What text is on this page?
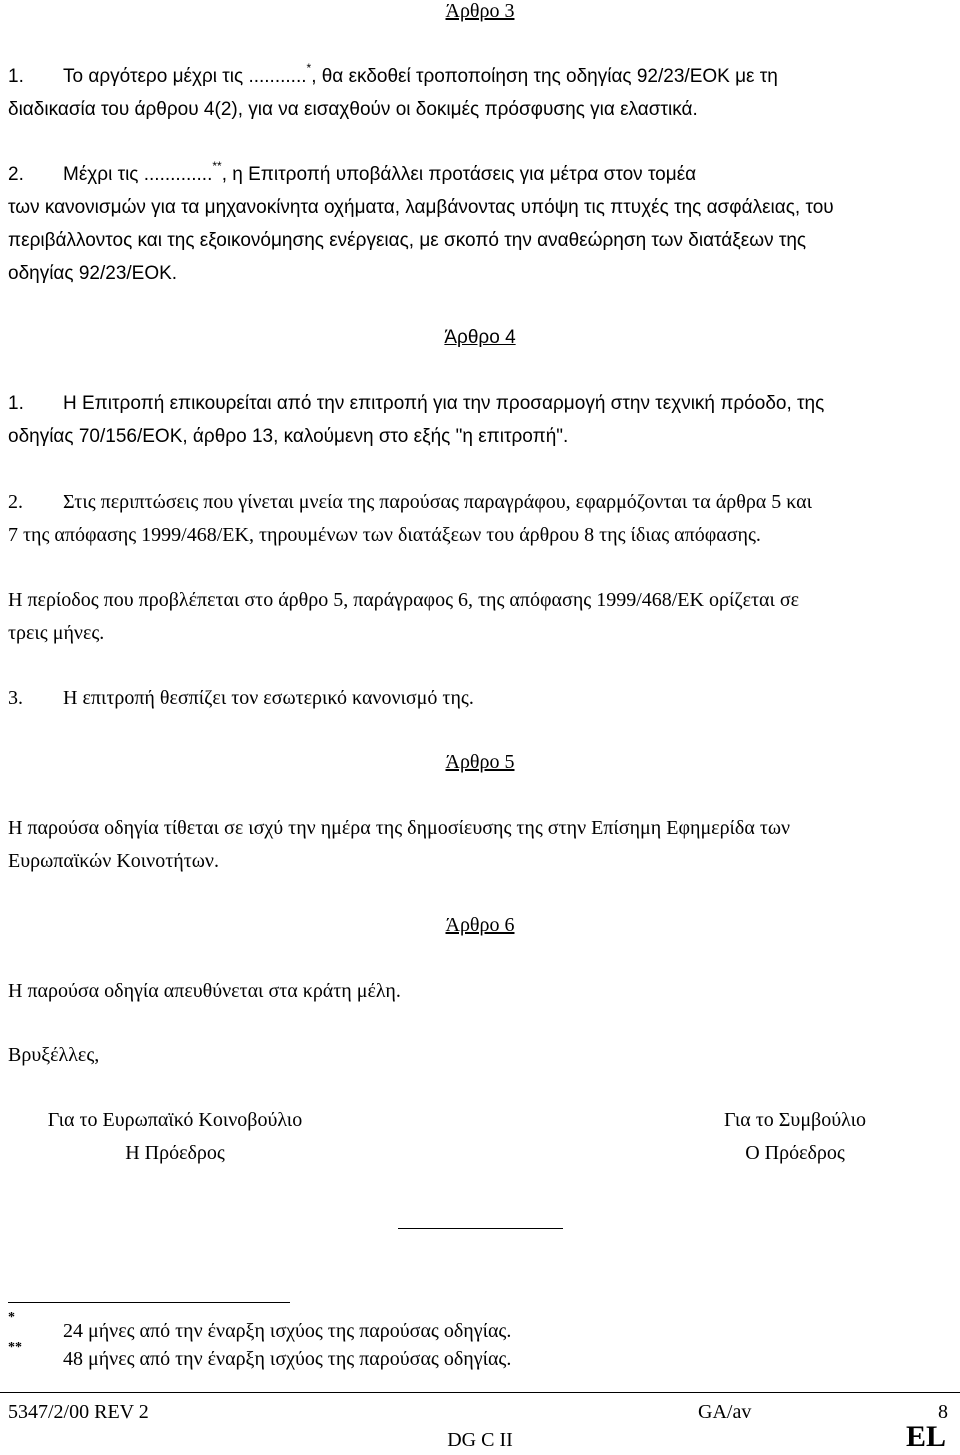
Άρθρο 3
1. Το αργότερο μέχρι τις ...........*, θα εκδοθεί τροποποίηση της οδηγίας 92/23/ΕΟΚ με τη
διαδικασία του άρθρου 4(2), για να εισαχθούν οι δοκιμές πρόσφυσης για ελαστικά.
2. Μέχρι τις .............**, η Επιτροπή υποβάλλει προτάσεις για μέτρα στον τομέα
των κανονισμών για τα μηχανοκίνητα οχήματα, λαμβάνοντας υπόψη τις πτυχές της ασφάλειας, του
περιβάλλοντος και της εξοικονόμησης ενέργειας, με σκοπό την αναθεώρηση των διατάξεων της
οδηγίας 92/23/ΕΟΚ.
Άρθρο 4
1. Η Επιτροπή επικουρείται από την επιτροπή για την προσαρμογή στην τεχνική πρόοδο, της
οδηγίας 70/156/ΕΟΚ, άρθρο 13, καλούμενη στο εξής "η επιτροπή".
2. Στις περιπτώσεις που γίνεται μνεία της παρούσας παραγράφου, εφαρμόζονται τα άρθρα 5 και
7 της απόφασης 1999/468/ΕΚ, τηρουμένων των διατάξεων του άρθρου 8 της ίδιας απόφασης.
Η περίοδος που προβλέπεται στο άρθρο 5, παράγραφος 6, της απόφασης 1999/468/ΕΚ ορίζεται σε
τρεις μήνες.
3. Η επιτροπή θεσπίζει τον εσωτερικό κανονισμό της.
Άρθρο 5
Η παρούσα οδηγία τίθεται σε ισχύ την ημέρα της δημοσίευσης της στην Επίσημη Εφημερίδα των
Ευρωπαϊκών Κοινοτήτων.
Άρθρο 6
Η παρούσα οδηγία απευθύνεται στα κράτη μέλη.
Βρυξέλλες,
Για το Ευρωπαϊκό Κοινοβούλιο
Η Πρόεδρος
Για το Συμβούλιο
Ο Πρόεδρος
*
24 μήνες από την έναρξη ισχύος της παρούσας οδηγίας.
**
48 μήνες από την έναρξη ισχύος της παρούσας οδηγίας.
5347/2/00 REV 2	GA/av	8
DG C II	EL
